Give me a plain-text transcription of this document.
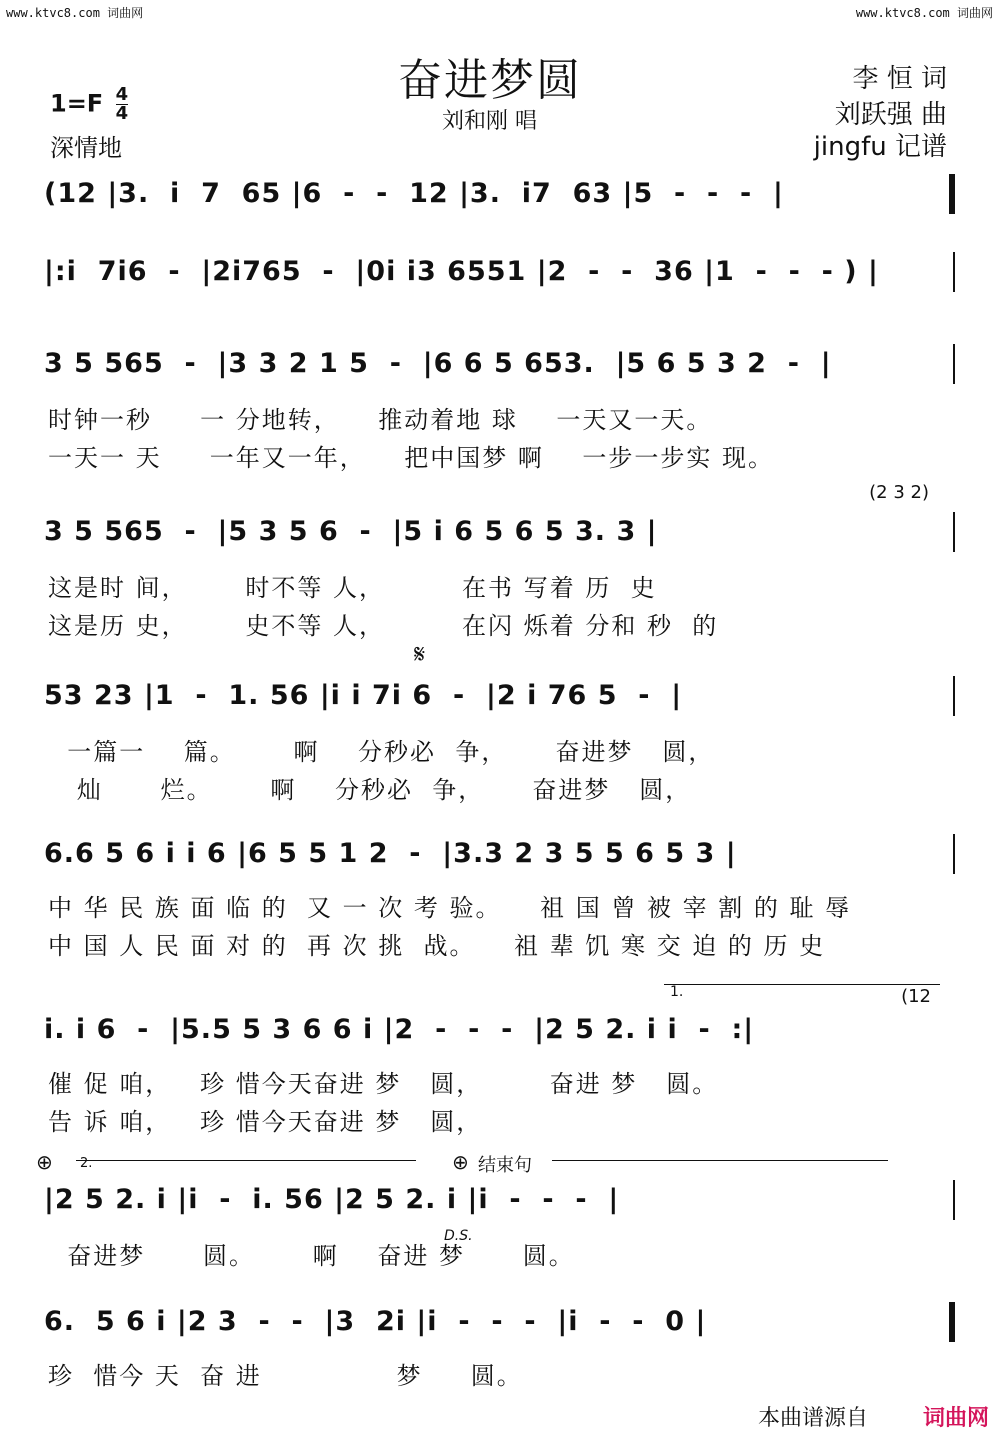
www.ktvc8.com 词曲网	www.ktvc8.com 词曲网
奋进梦圆
刘和刚 唱
$1=F \frac{4}{4}$
深情地
李 恒 词
刘跃强 曲
jingfu 记谱
(12 |3.  i  7  65 |6  -  -  12 |3.  i7  63 |5  -  -  -  |
|:i  7i6  -  |2i765  -  |0i i3 6551 |2  -  -  36 |1  -  -  - ) |
3 5 565  -  |3 3 2 1 5  -  |6 6 5 653.  |5 6 5 3 2  -  |
时钟一秒     一 分地转，    推动着地 球    一天又一天。
一天一 天     一年又一年，    把中国梦 啊    一步一步实 现。
(2 3 2)
3 5 565  -  |5 3 5 6  -  |5 i 6 5 6 5 3. 3 |
这是时 间，      时不等 人，        在书 写着 历  史
这是历 史，      史不等 人，        在闪 烁着 分和 秒  的
𝄋
53 23 |1  -  1. 56 |i i 7i 6  -  |2 i 76 5  -  |
一篇一    篇。      啊    分秒必  争，     奋进梦   圆，
灿      烂。      啊    分秒必  争，     奋进梦   圆，
6.6 5 6 i i 6 |6 5 5 1 2  -  |3.3 2 3 5 5 6 5 3 |
中 华 民 族 面 临 的  又 一 次 考 验。    祖 国 曾 被 宰 割 的 耻 辱
中 国 人 民 面 对 的  再 次 挑  战。    祖 辈 饥 寒 交 迫 的 历 史
1.	(12
i. i 6  -  |5.5 5 3 6 6 i |2  -  -  -  |2 5 2. i i  -  :|
催 促 咱，   珍 惜今天奋进 梦   圆，       奋进 梦   圆。
告 诉 咱，   珍 惜今天奋进 梦   圆，
⊕ 2.	⊕ 结束句
|2 5 2. i |i  -  i. 56 |2 5 2. i |i  -  -  -  |
奋进梦      圆。      啊    奋进 梦      圆。
D.S.
6.  5 6 i |2 3  -  -  |3  2i |i  -  -  -  |i  -  -  0 |
珍  惜今 天  奋 进              梦     圆。
本曲谱源自 词曲网
